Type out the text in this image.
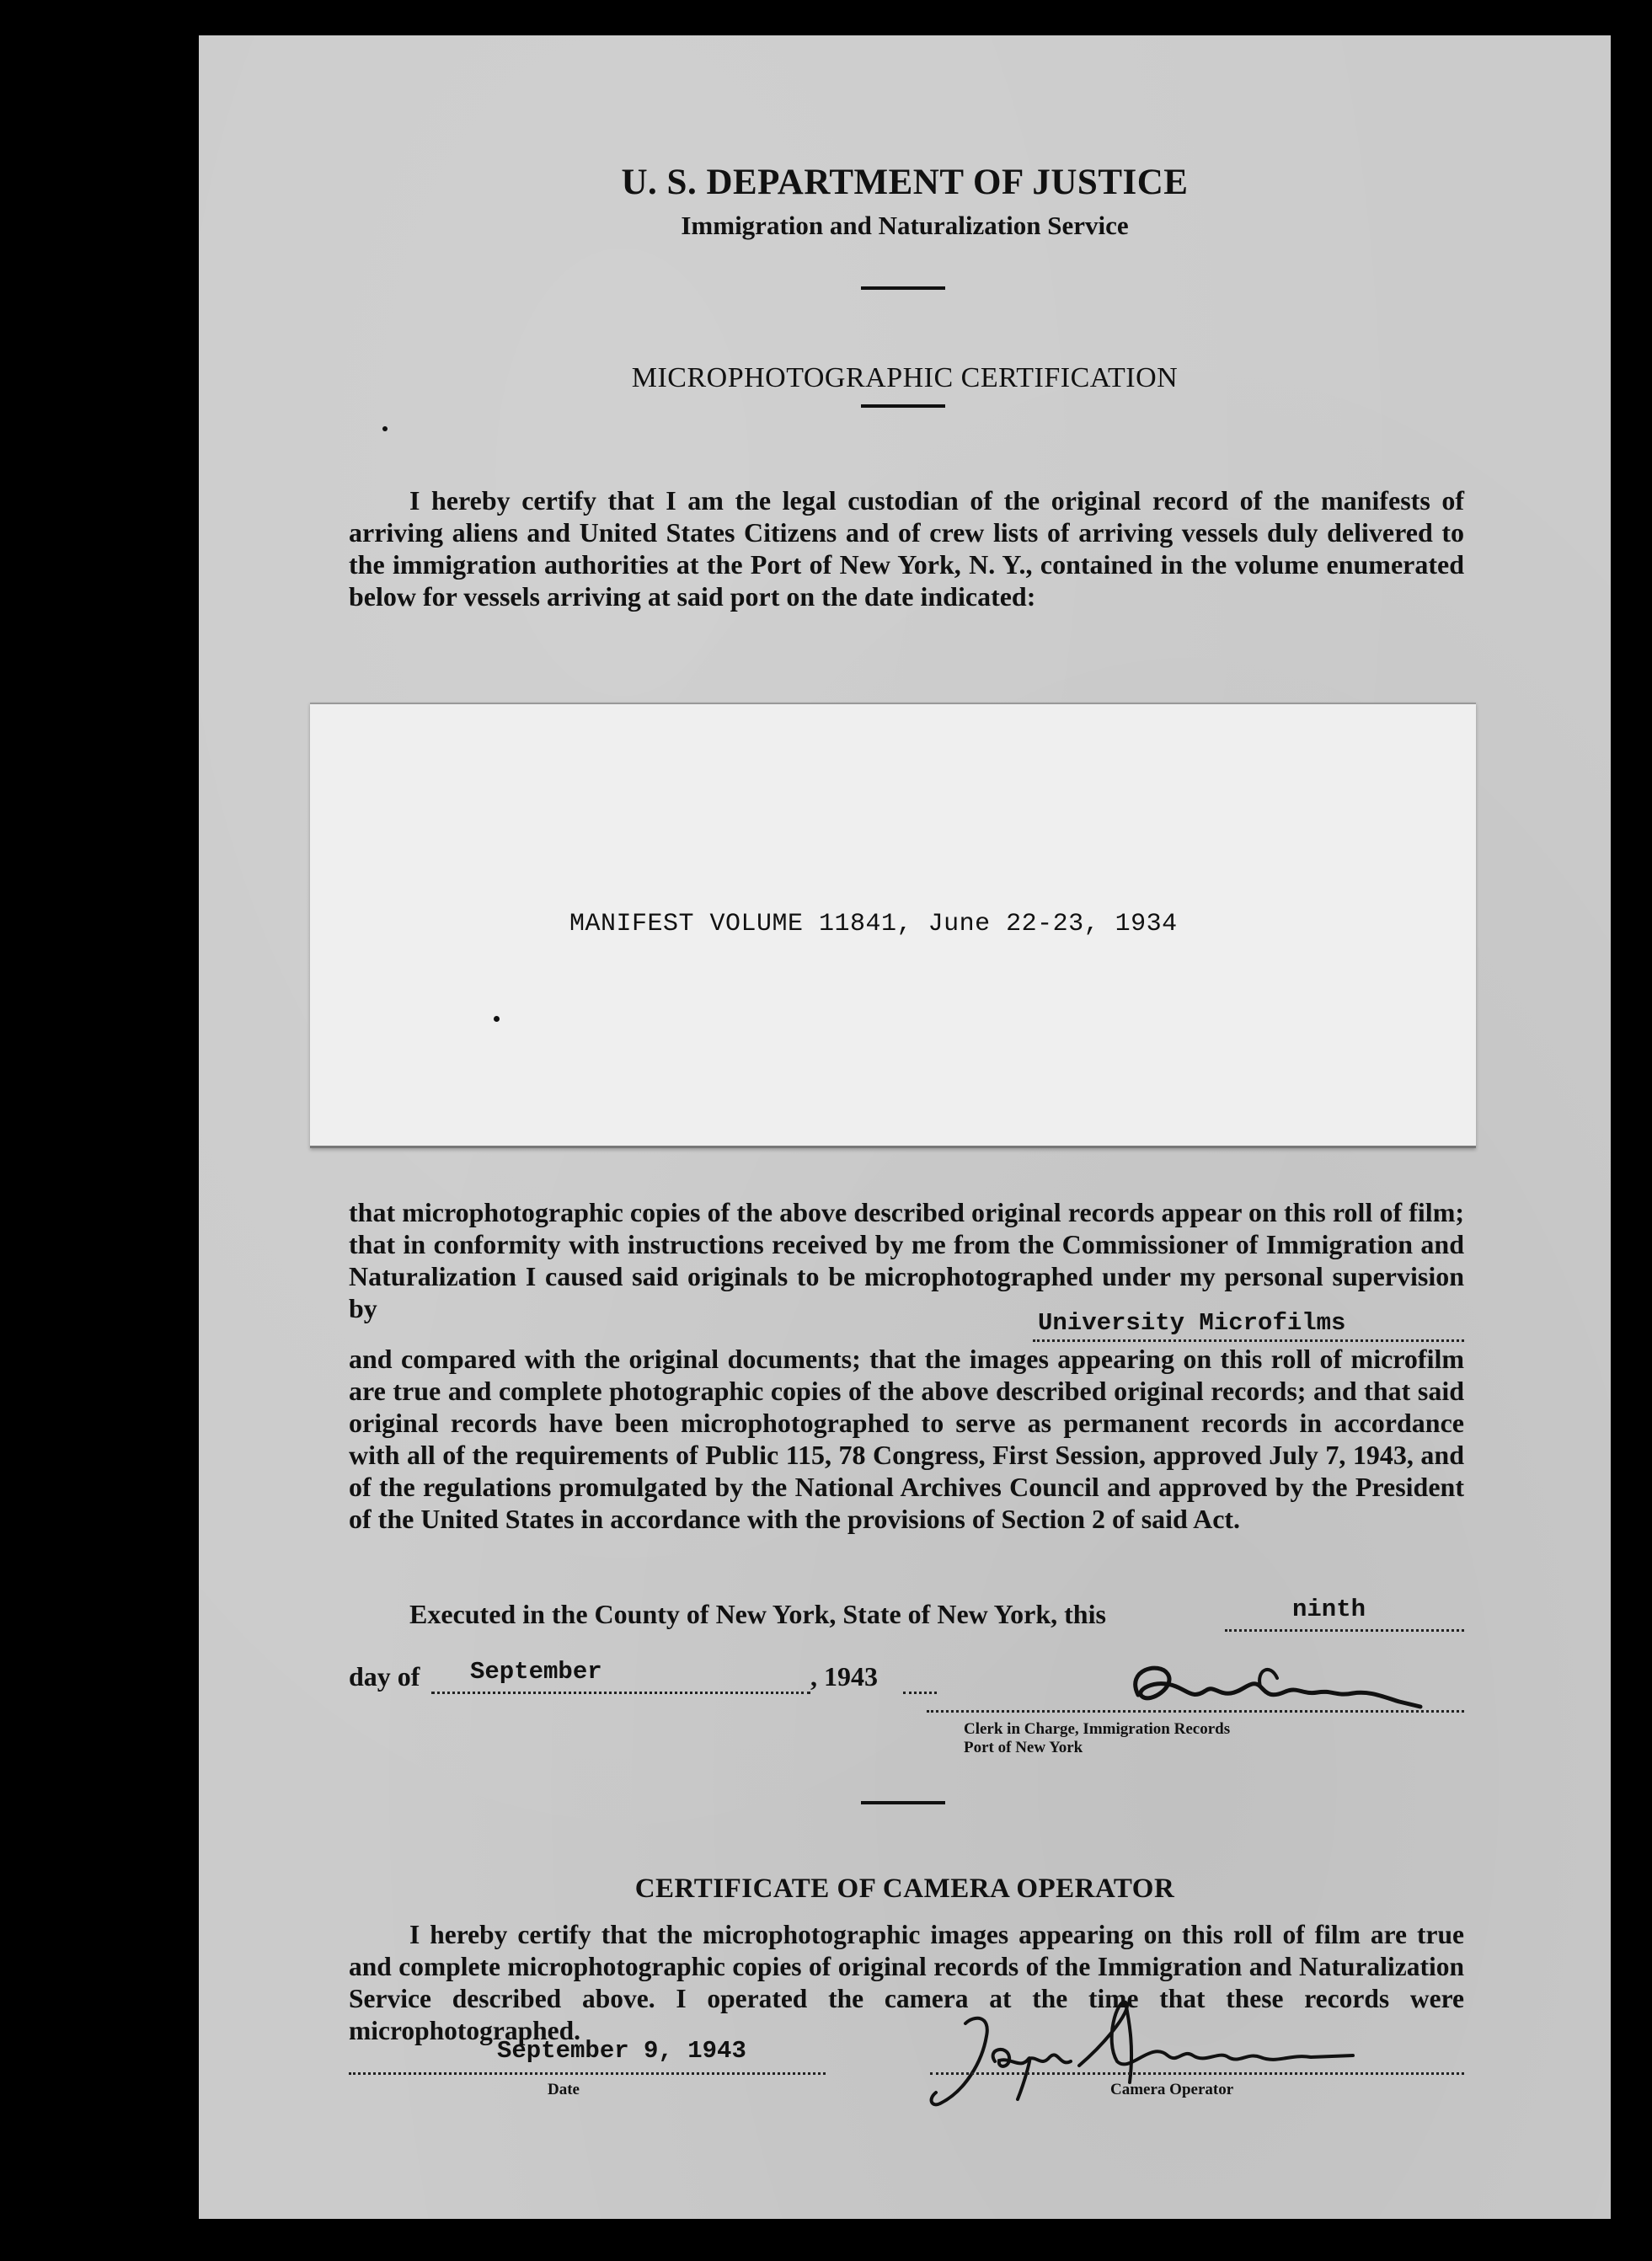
U. S. DEPARTMENT OF JUSTICE
Immigration and Naturalization Service
MICROPHOTOGRAPHIC CERTIFICATION
I hereby certify that I am the legal custodian of the original record of the manifests of arriving aliens and United States Citizens and of crew lists of arriving vessels duly delivered to the immigration authorities at the Port of New York, N. Y., contained in the volume enumerated below for vessels arriving at said port on the date indicated:
MANIFEST VOLUME 11841, June 22-23, 1934
that microphotographic copies of the above described original records appear on this roll of film; that in conformity with instructions received by me from the Commissioner of Immigration and Naturalization I caused said originals to be microphotographed under my personal supervision by	University Microfilms
and compared with the original documents; that the images appearing on this roll of microfilm are true and complete photographic copies of the above described original records; and that said original records have been microphotographed to serve as permanent records in accordance with all of the requirements of Public 115, 78 Congress, First Session, approved July 7, 1943, and of the regulations promulgated by the National Archives Council and approved by the President of the United States in accordance with the provisions of Section 2 of said Act.
Executed in the County of New York, State of New York, this	ninth
day of September	, 1943
Clerk in Charge, Immigration Records
Port of New York
CERTIFICATE OF CAMERA OPERATOR
I hereby certify that the microphotographic images appearing on this roll of film are true and complete microphotographic copies of original records of the Immigration and Naturalization Service described above. I operated the camera at the time that these records were microphotographed.
September 9, 1943
Date	Camera Operator
